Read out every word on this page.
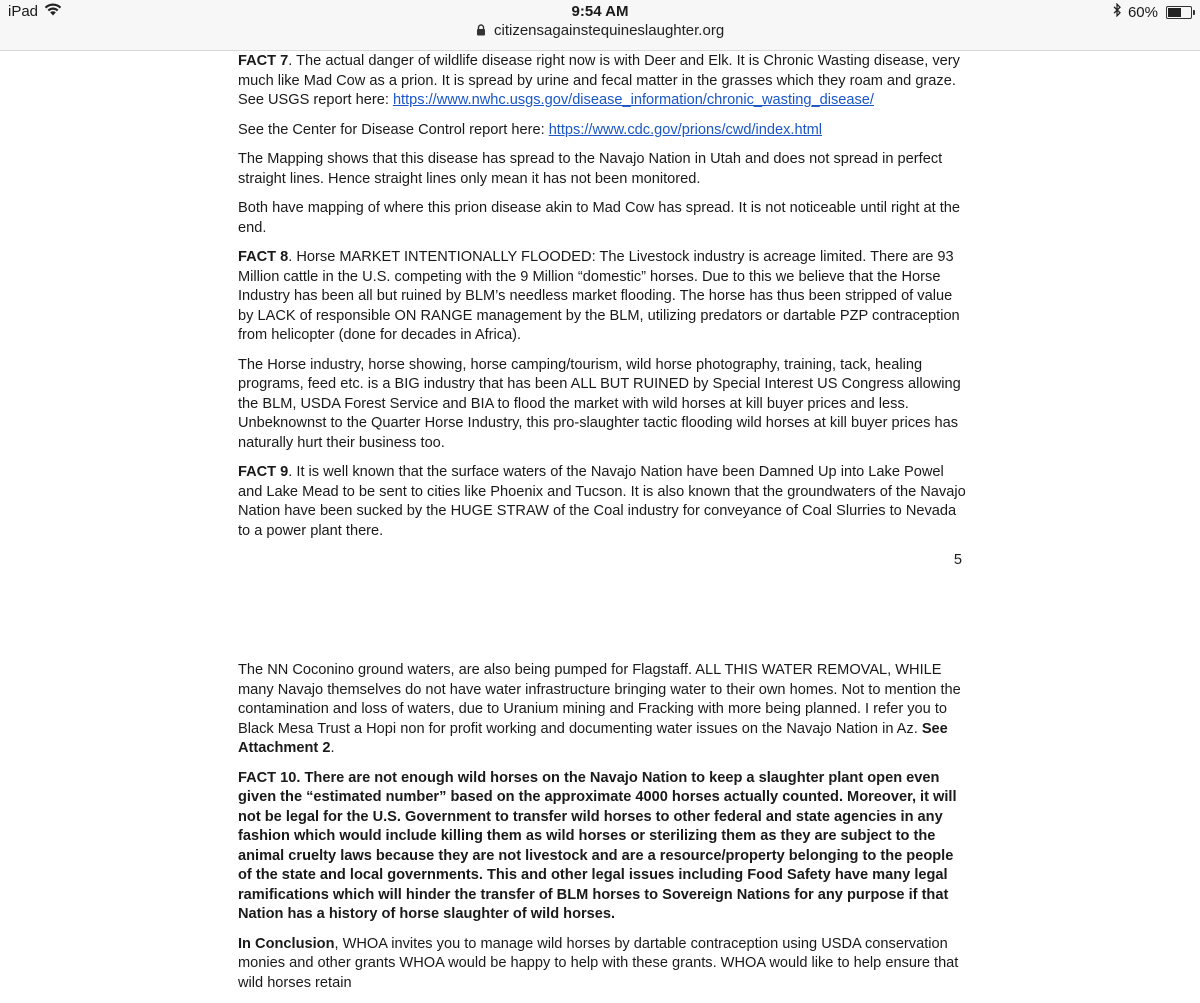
iPad	9:54 AM
citizensagainstequineslaughter.org
60%

FACT 7. The actual danger of wildlife disease right now is with Deer and Elk. It is Chronic Wasting disease, very much like Mad Cow as a prion. It is spread by urine and fecal matter in the grasses which they roam and graze. See USGS report here: https://www.nwhc.usgs.gov/disease_information/chronic_wasting_disease/

See the Center for Disease Control report here: https://www.cdc.gov/prions/cwd/index.html

The Mapping shows that this disease has spread to the Navajo Nation in Utah and does not spread in perfect straight lines. Hence straight lines only mean it has not been monitored.

Both have mapping of where this prion disease akin to Mad Cow has spread. It is not noticeable until right at the end.

FACT 8. Horse MARKET INTENTIONALLY FLOODED: The Livestock industry is acreage limited. There are 93 Million cattle in the U.S. competing with the 9 Million “domestic” horses. Due to this we believe that the Horse Industry has been all but ruined by BLM’s needless market flooding. The horse has thus been stripped of value by LACK of responsible ON RANGE management by the BLM, utilizing predators or dartable PZP contraception from helicopter (done for decades in Africa).

The Horse industry, horse showing, horse camping/tourism, wild horse photography, training, tack, healing programs, feed etc. is a BIG industry that has been ALL BUT RUINED by Special Interest US Congress allowing the BLM, USDA Forest Service and BIA to flood the market with wild horses at kill buyer prices and less. Unbeknownst to the Quarter Horse Industry, this pro-slaughter tactic flooding wild horses at kill buyer prices has naturally hurt their business too.

FACT 9. It is well known that the surface waters of the Navajo Nation have been Damned Up into Lake Powel and Lake Mead to be sent to cities like Phoenix and Tucson. It is also known that the groundwaters of the Navajo Nation have been sucked by the HUGE STRAW of the Coal industry for conveyance of Coal Slurries to Nevada to a power plant there.

5

The NN Coconino ground waters, are also being pumped for Flagstaff. ALL THIS WATER REMOVAL, WHILE many Navajo themselves do not have water infrastructure bringing water to their own homes. Not to mention the contamination and loss of waters, due to Uranium mining and Fracking with more being planned. I refer you to Black Mesa Trust a Hopi non for profit working and documenting water issues on the Navajo Nation in Az. See Attachment 2.

FACT 10. There are not enough wild horses on the Navajo Nation to keep a slaughter plant open even given the “estimated number” based on the approximate 4000 horses actually counted. Moreover, it will not be legal for the U.S. Government to transfer wild horses to other federal and state agencies in any fashion which would include killing them as wild horses or sterilizing them as they are subject to the animal cruelty laws because they are not livestock and are a resource/property belonging to the people of the state and local governments. This and other legal issues including Food Safety have many legal ramifications which will hinder the transfer of BLM horses to Sovereign Nations for any purpose if that Nation has a history of horse slaughter of wild horses.

In Conclusion, WHOA invites you to manage wild horses by dartable contraception using USDA conservation monies and other grants WHOA would be happy to help with these grants. WHOA would like to help ensure that wild horses retain
